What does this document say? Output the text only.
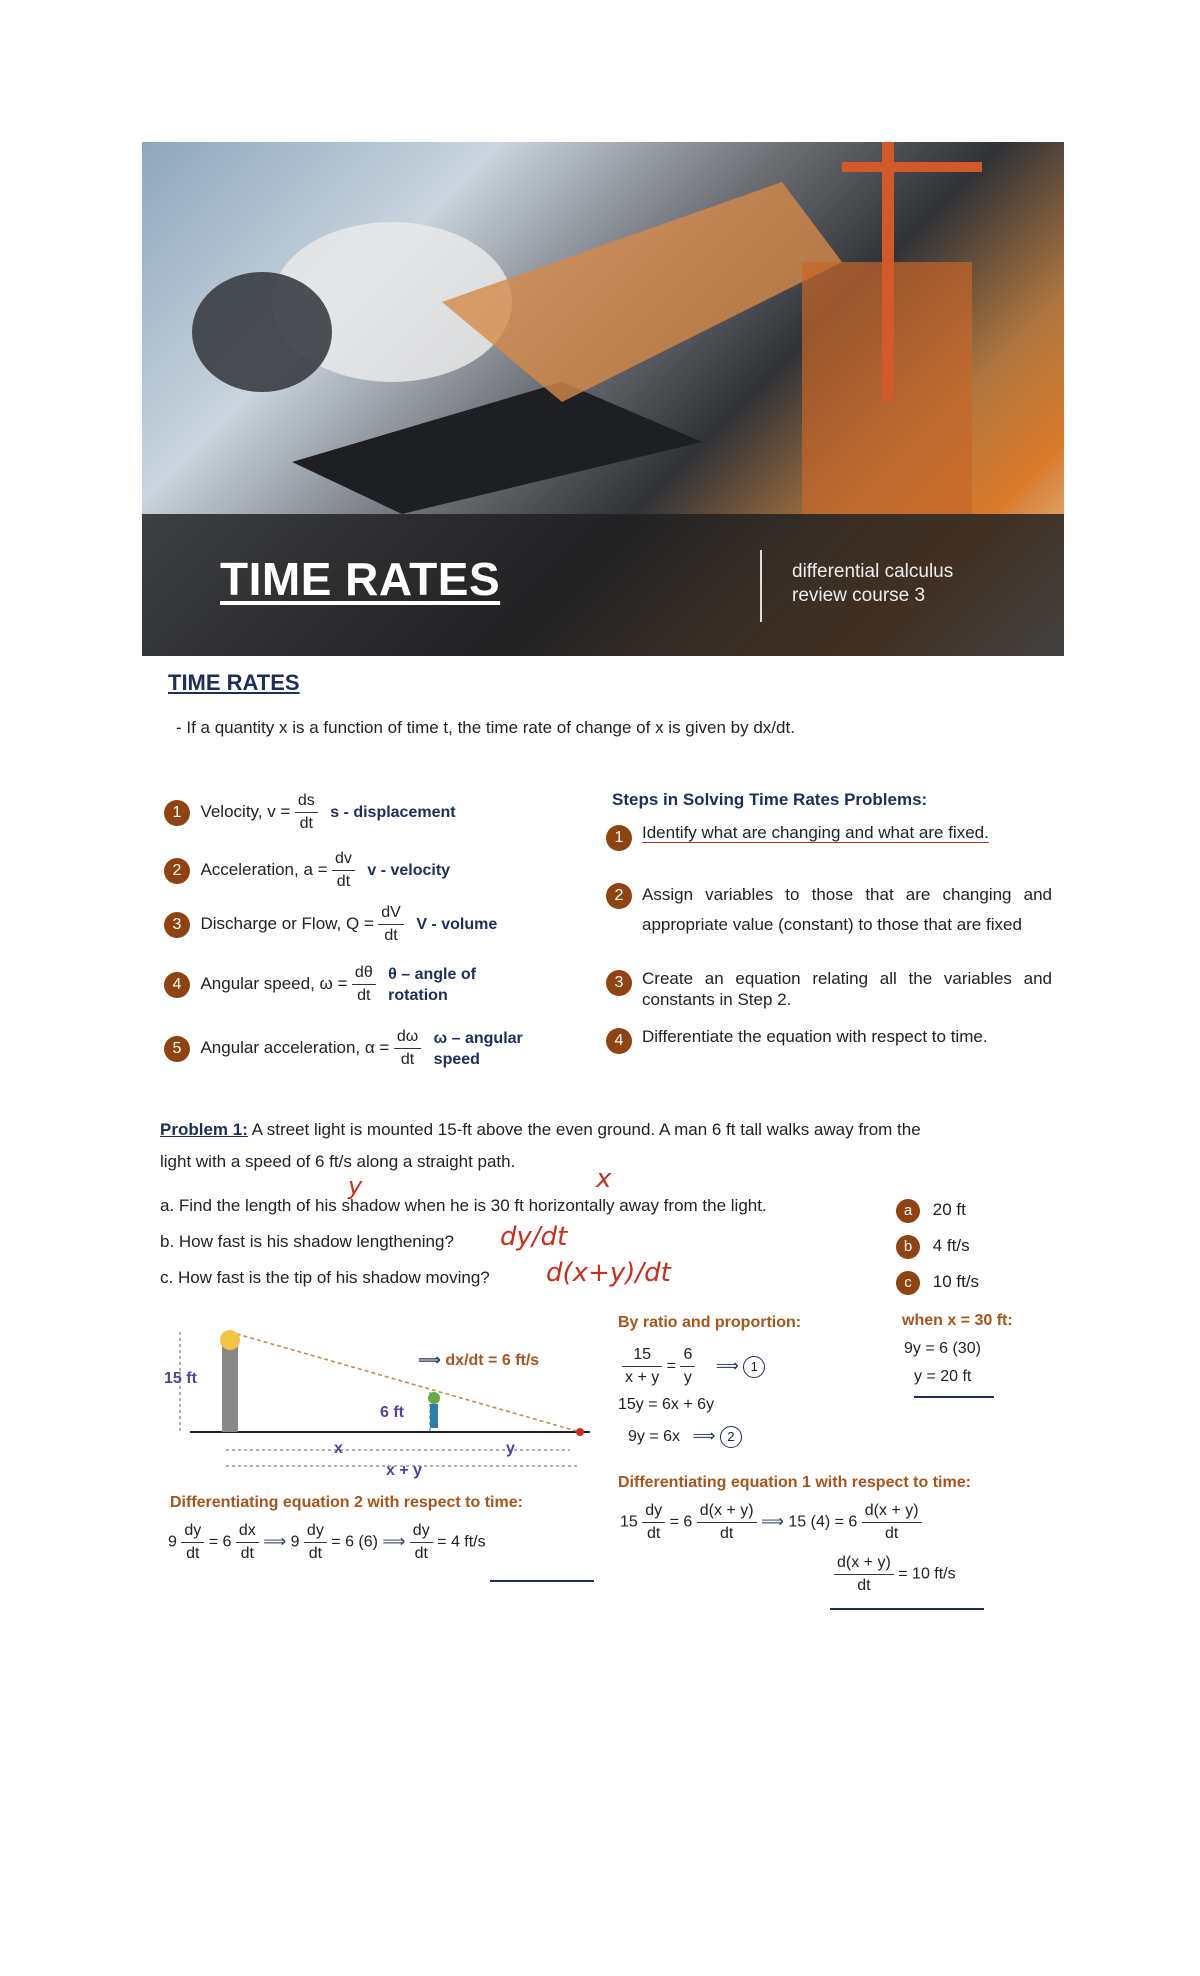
TIME RATES	differential calculus
review course 3
TIME RATES
- If a quantity x is a function of time t, the time rate of change of x is given by dx/dt.
1 Velocity, $v = \frac{ds}{dt}$ s - displacement
2 Acceleration, $a = \frac{dv}{dt}$ v - velocity
3 Discharge or Flow, $Q = \frac{dV}{dt}$ V - volume
4 Angular speed, $\omega = \frac{d\theta}{dt}$
θ – angle of
rotation
5 Angular acceleration, $\alpha = \frac{d\omega}{dt}$
ω – angular
speed
Steps in Solving Time Rates Problems:
1	Identify what are changing and what are fixed.
2	Assign variables to those that are changing and appropriate value (constant) to those that are fixed
3	Create an equation relating all the variables and constants in Step 2.
4	Differentiate the equation with respect to time.
Problem 1: A street light is mounted 15-ft above the even ground. A man 6 ft tall walks away from the
light with a speed of 6 ft/s along a straight path.
a. Find the length of his shadow when he is 30 ft horizontally away from the light.
b. How fast is his shadow lengthening?
c. How fast is the tip of his shadow moving?
y	x
dy/dt
d(x+y)/dt
a 20 ft
b 4 ft/s
c 10 ft/s
15 ft
6 ft
x	y
x + y
⟹ dx/dt = 6 ft/s
By ratio and proportion:
$\frac{15}{x + y} = \frac{6}{y}$ ⟹ 1
15y = 6x + 6y
9y = 6x ⟹ 2
when x = 30 ft:
9y = 6 (30)
y = 20 ft
Differentiating equation 2 with respect to time:
$9 \frac{dy}{dt} = 6 \frac{dx}{dt}$ ⟹ $9 \frac{dy}{dt} = 6$ (6) ⟹ $\frac{dy}{dt} = 4$ ft/s
Differentiating equation 1 with respect to time:
$15 \frac{dy}{dt} = 6 \frac{d(x + y)}{dt}$ ⟹ 15 $(4) = 6 \frac{d(x + y)}{dt}$
$\frac{d(x + y)}{dt} = 10$ ft/s
